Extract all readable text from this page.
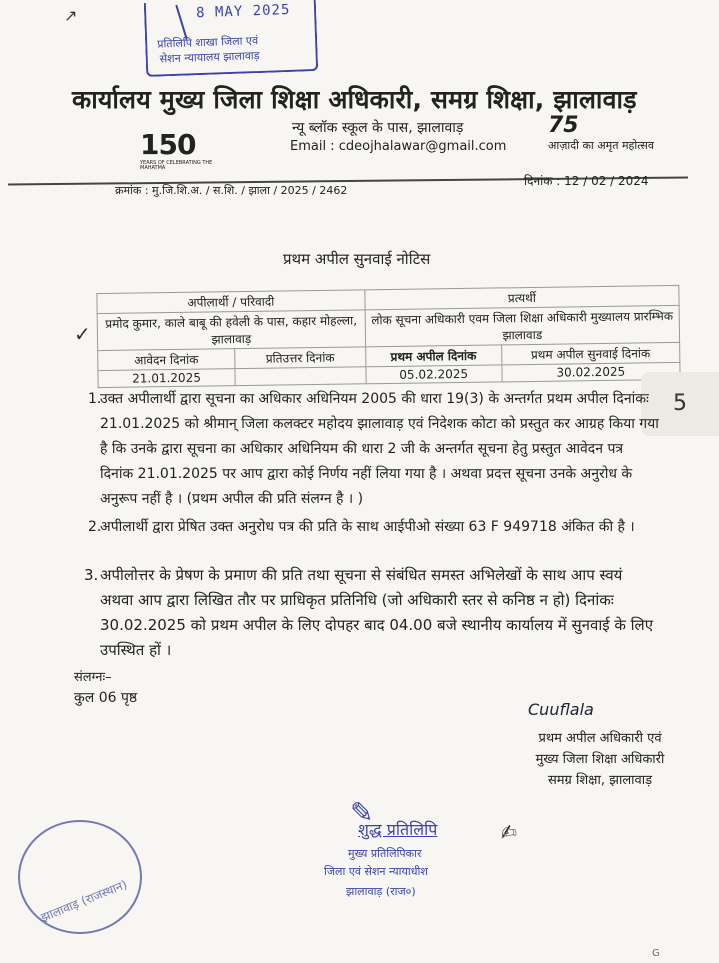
↗	8 MAY 2025
प्रतिलिपि शाखा जिला एवं
सेशन न्यायालय झालावाड़
कार्यालय मुख्य जिला शिक्षा अधिकारी, समग्र शिक्षा, झालावाड़
150
YEARS OF CELEBRATING THE MAHATMA
न्यू ब्लॉक स्कूल के पास, झालावाड़
Email : cdeojhalawar@gmail.com
75
आज़ादी का अमृत महोत्सव
क्रमांक : मु.जि.शि.अ. / स.शि. / झाला / 2025 / 2462
दिनांक : 12 / 02 / 2024
प्रथम अपील सुनवाई नोटिस
✓
अपीलार्थी / परिवादी		प्रत्यर्थी	
प्रमोद कुमार, काले बाबू की हवेली के पास, कहार मोहल्ला, झालावाड़		लोक सूचना अधिकारी एवम जिला शिक्षा अधिकारी मुख्यालय प्रारम्भिक झालावाड	
आवेदन दिनांक	प्रतिउत्तर दिनांक	प्रथम अपील दिनांक	प्रथम अपील सुनवाई दिनांक
21.01.2025		05.02.2025	30.02.2025
5
1.
उक्त अपीलार्थी द्वारा सूचना का अधिकार अधिनियम 2005 की धारा 19(3) के अन्तर्गत प्रथम अपील दिनांकः 21.01.2025 को श्रीमान् जिला कलक्टर महोदय झालावाड़ एवं निदेशक कोटा को प्रस्तुत कर आग्रह किया गया है कि उनके द्वारा सूचना का अधिकार अधिनियम की धारा 2 जी के अन्तर्गत सूचना हेतु प्रस्तुत आवेदन पत्र दिनांक 21.01.2025 पर आप द्वारा कोई निर्णय नहीं लिया गया है । अथवा प्रदत्त सूचना उनके अनुरोध के अनुरूप नहीं है । (प्रथम अपील की प्रति संलग्न है । )
2.
अपीलार्थी द्वारा प्रेषित उक्त अनुरोध पत्र की प्रति के साथ आईपीओ संख्या 63 F 949718 अंकित की है ।
3. अपीलोत्तर के प्रेषण के प्रमाण की प्रति तथा सूचना से संबंधित समस्त अभिलेखों के साथ आप स्वयं अथवा आप द्वारा लिखित तौर पर प्राधिकृत प्रतिनिधि (जो अधिकारी स्तर से कनिष्ठ न हो) दिनांकः 30.02.2025 को प्रथम अपील के लिए दोपहर बाद 04.00 बजे स्थानीय कार्यालय में सुनवाई के लिए उपस्थित हों ।
संलग्नः–
कुल 06 पृष्ठ
Cuuflala
प्रथम अपील अधिकारी एवं
मुख्य जिला शिक्षा अधिकारी
समग्र शिक्षा, झालावाड़
झालावाड़ (राजस्थान)
✎
शुद्ध प्रतिलिपि
मुख्य प्रतिलिपिकार
जिला एवं सेशन न्यायाधीश
झालावाड़ (राज०)
✍
G
